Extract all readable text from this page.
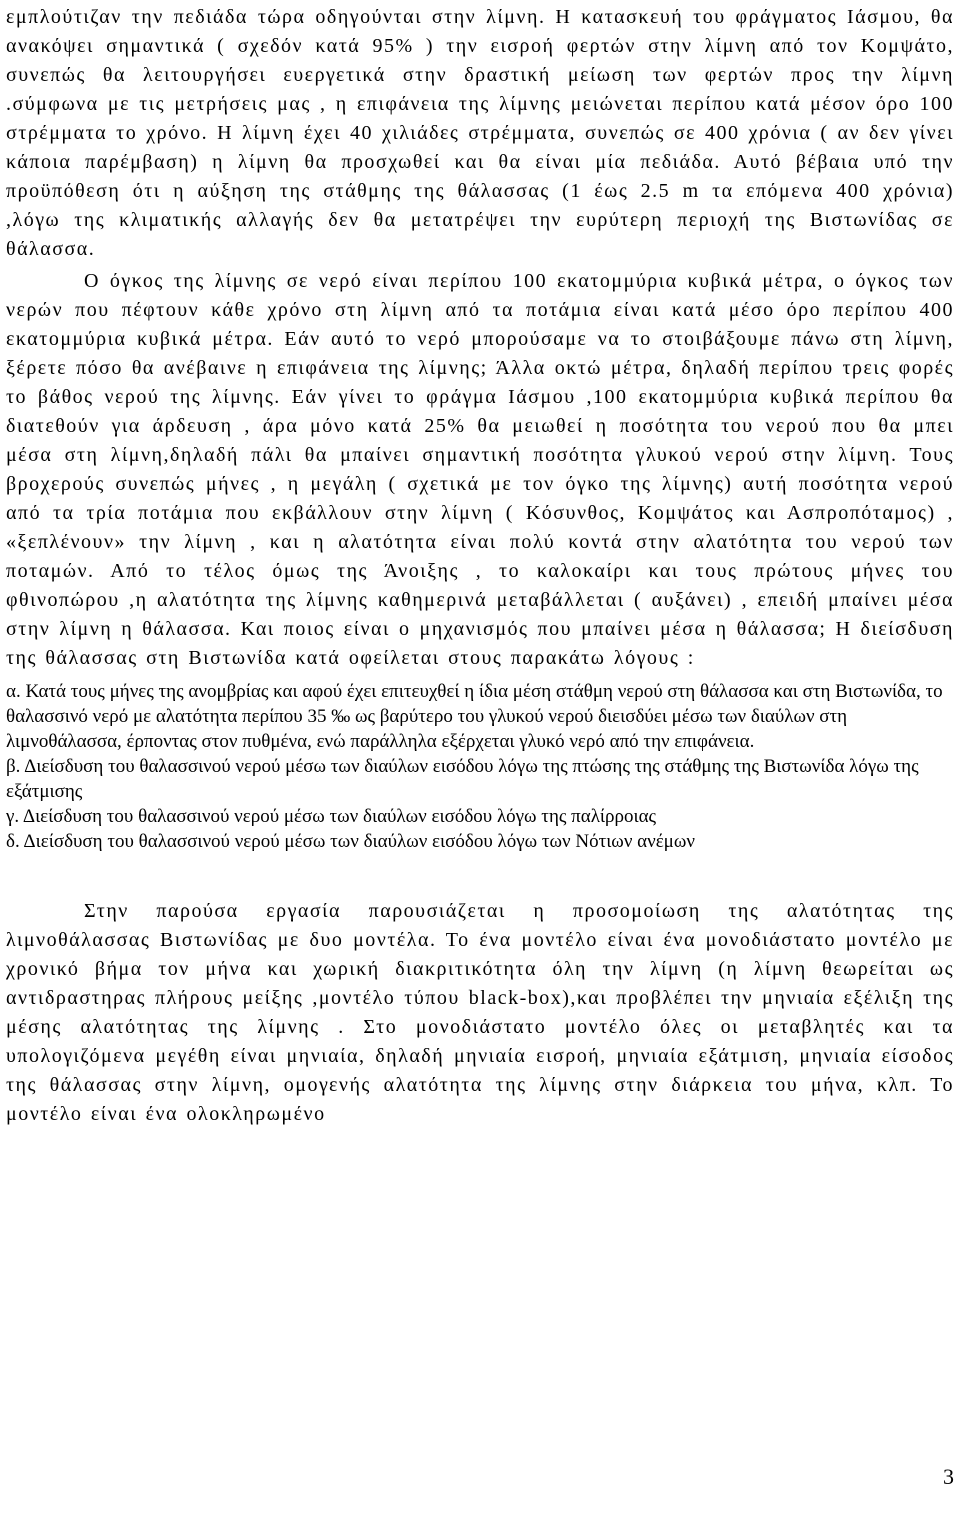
εμπλούτιζαν την πεδιάδα τώρα οδηγούνται στην λίμνη. Η κατασκευή του φράγματος Ιάσμου, θα ανακόψει σημαντικά ( σχεδόν κατά 95% ) την εισροή φερτών στην λίμνη από τον Κομψάτο, συνεπώς θα λειτουργήσει ευεργετικά στην δραστική μείωση των φερτών προς την λίμνη .σύμφωνα με τις μετρήσεις μας , η επιφάνεια της λίμνης μειώνεται περίπου κατά μέσον όρο 100 στρέμματα το χρόνο. Η λίμνη έχει 40 χιλιάδες στρέμματα, συνεπώς σε 400 χρόνια ( αν δεν γίνει κάποια παρέμβαση) η λίμνη θα προσχωθεί και θα είναι μία πεδιάδα. Αυτό βέβαια υπό την προϋπόθεση ότι η αύξηση της στάθμης της θάλασσας (1 έως 2.5 m τα επόμενα 400 χρόνια) ,λόγω της κλιματικής αλλαγής δεν θα μετατρέψει την ευρύτερη περιοχή της Βιστωνίδας σε θάλασσα.

Ο όγκος της λίμνης σε νερό είναι περίπου 100 εκατομμύρια κυβικά μέτρα, ο όγκος των νερών που πέφτουν κάθε χρόνο στη λίμνη από τα ποτάμια είναι κατά μέσο όρο περίπου 400 εκατομμύρια κυβικά μέτρα. Εάν αυτό το νερό μπορούσαμε να το στοιβάξουμε πάνω στη λίμνη, ξέρετε πόσο θα ανέβαινε η επιφάνεια της λίμνης; Άλλα οκτώ μέτρα, δηλαδή περίπου τρεις φορές το βάθος νερού της λίμνης. Εάν γίνει το φράγμα Ιάσμου ,100 εκατομμύρια κυβικά περίπου θα διατεθούν για άρδευση , άρα μόνο κατά 25% θα μειωθεί η ποσότητα του νερού που θα μπει μέσα στη λίμνη,δηλαδή πάλι θα μπαίνει σημαντική ποσότητα γλυκού νερού στην λίμνη. Τους βροχερούς συνεπώς μήνες , η μεγάλη ( σχετικά με τον όγκο της λίμνης) αυτή ποσότητα νερού από τα τρία ποτάμια που εκβάλλουν στην λίμνη ( Κόσυνθος, Κομψάτος και Ασπροπόταμος) , «ξεπλένουν» την λίμνη , και η αλατότητα είναι πολύ κοντά στην αλατότητα του νερού των ποταμών. Από το τέλος όμως της Άνοιξης , το καλοκαίρι και τους πρώτους μήνες του φθινοπώρου ,η αλατότητα της λίμνης καθημερινά μεταβάλλεται ( αυξάνει) , επειδή μπαίνει μέσα στην λίμνη η θάλασσα. Και ποιος είναι ο μηχανισμός που μπαίνει μέσα η θάλασσα; Η διείσδυση της θάλασσας στη Βιστωνίδα κατά οφείλεται στους παρακάτω λόγους :

α. Κατά τους μήνες της ανομβρίας και αφού έχει επιτευχθεί η ίδια μέση στάθμη νερού στη θάλασσα και στη Βιστωνίδα, το θαλασσινό νερό με αλατότητα περίπου 35 ‰ ως βαρύτερο του γλυκού νερού διεισδύει μέσω των διαύλων στη λιμνοθάλασσα, έρποντας στον πυθμένα, ενώ παράλληλα εξέρχεται γλυκό νερό από την επιφάνεια.

β. Διείσδυση του θαλασσινού νερού μέσω των διαύλων εισόδου λόγω της πτώσης της στάθμης της Βιστωνίδα λόγω της εξάτμισης

γ. Διείσδυση του θαλασσινού νερού μέσω των διαύλων εισόδου λόγω της παλίρροιας

δ. Διείσδυση του θαλασσινού νερού μέσω των διαύλων εισόδου λόγω των Νότιων ανέμων

Στην παρούσα εργασία παρουσιάζεται η προσομοίωση της αλατότητας της λιμνοθάλασσας Βιστωνίδας με δυο μοντέλα. Το ένα μοντέλο είναι ένα μονοδιάστατο μοντέλο με χρονικό βήμα τον μήνα και χωρική διακριτικότητα όλη την λίμνη (η λίμνη θεωρείται ως αντιδραστηρας πλήρους μείξης ,μοντέλο τύπου black-box),και προβλέπει την μηνιαία εξέλιξη της μέσης αλατότητας της λίμνης . Στο μονοδιάστατο μοντέλο όλες οι μεταβλητές και τα υπολογιζόμενα μεγέθη είναι μηνιαία, δηλαδή μηνιαία εισροή, μηνιαία εξάτμιση, μηνιαία είσοδος της θάλασσας στην λίμνη, ομογενής αλατότητα της λίμνης στην διάρκεια του μήνα, κλπ. Το μοντέλο είναι ένα ολοκληρωμένο

3
